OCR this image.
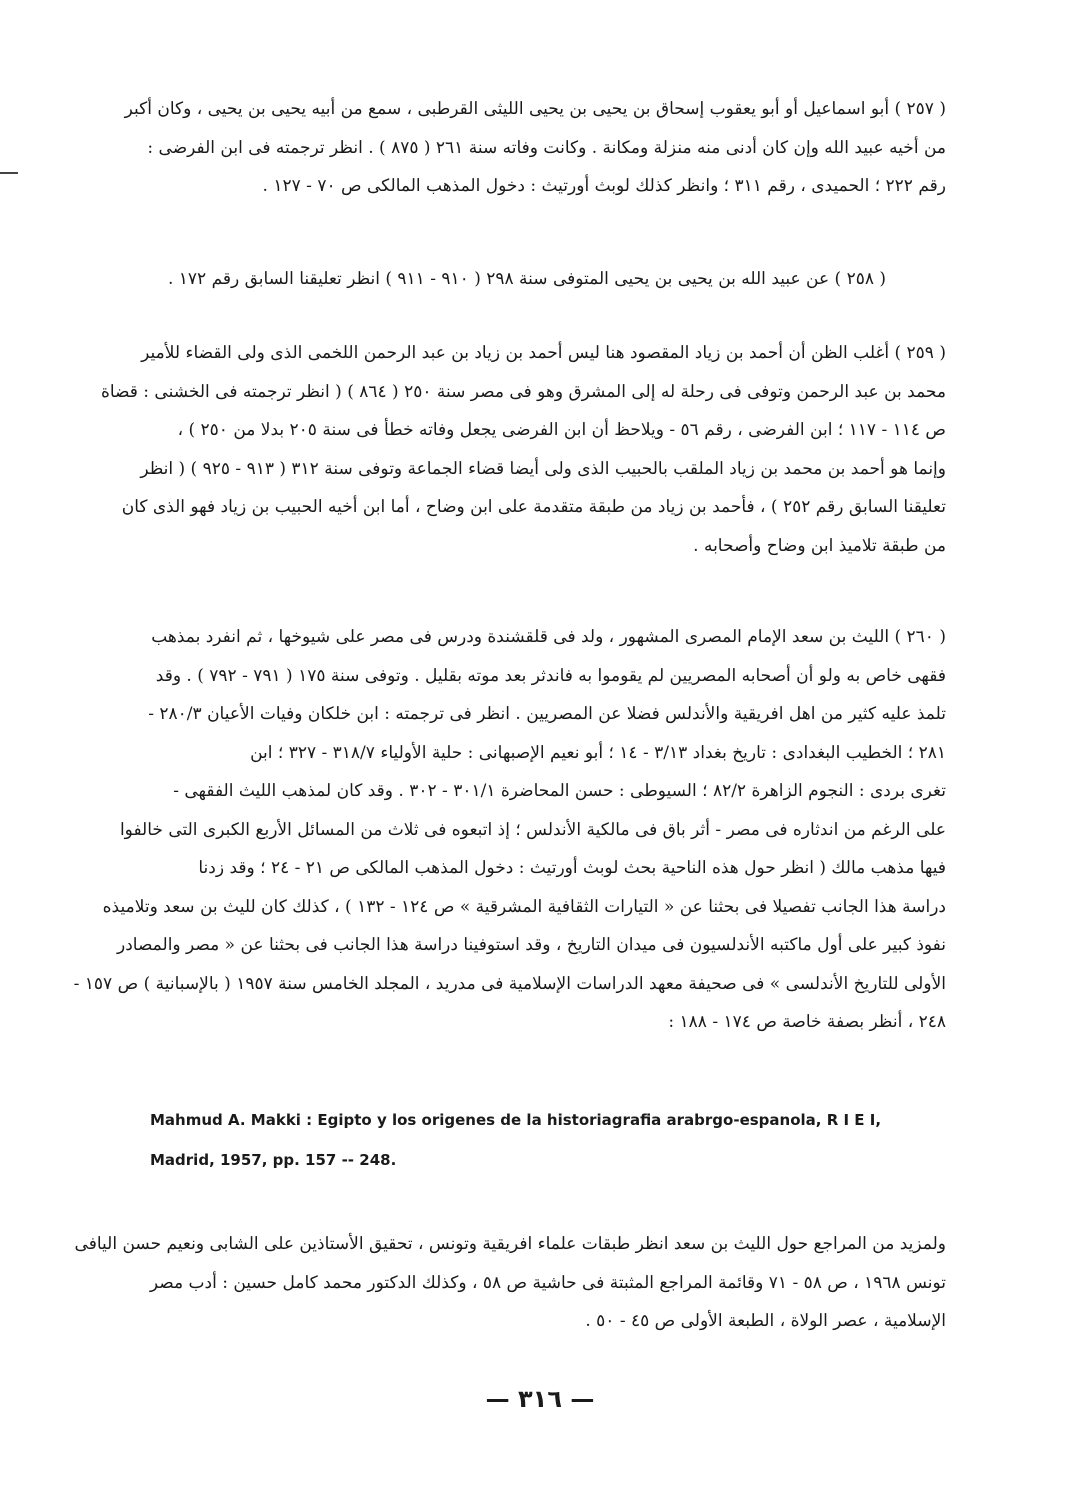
( ٢٥٧ ) أبو اسماعيل أو أبو يعقوب إسحاق بن يحيى بن يحيى الليثى القرطبى ، سمع من أبيه يحيى بن يحيى ، وكان أكبر
من أخيه عبيد الله وإن كان أدنى منه منزلة ومكانة . وكانت وفاته سنة ٢٦١ ( ٨٧٥ ) . انظر ترجمته فى ابن الفرضى :
رقم ٢٢٢ ؛ الحميدى ، رقم ٣١١ ؛ وانظر كذلك لوبث أورتيث : دخول المذهب المالكى ص ٧٠ - ١٢٧ .
( ٢٥٨ ) عن عبيد الله بن يحيى بن يحيى المتوفى سنة ٢٩٨ ( ٩١٠ - ٩١١ ) انظر تعليقنا السابق رقم ١٧٢ .
( ٢٥٩ ) أغلب الظن أن أحمد بن زياد المقصود هنا ليس أحمد بن زياد بن عبد الرحمن اللخمى الذى ولى القضاء للأمير
محمد بن عبد الرحمن وتوفى فى رحلة له إلى المشرق وهو فى مصر سنة ٢٥٠ ( ٨٦٤ ) ( انظر ترجمته فى الخشنى : قضاة
ص ١١٤ - ١١٧ ؛ ابن الفرضى ، رقم ٥٦ - ويلاحظ أن ابن الفرضى يجعل وفاته خطأ فى سنة ٢٠٥ بدلا من ٢٥٠ ) ،
وإنما هو أحمد بن محمد بن زياد الملقب بالحبيب الذى ولى أيضا قضاء الجماعة وتوفى سنة ٣١٢ ( ٩١٣ - ٩٢٥ ) ( انظر
تعليقنا السابق رقم ٢٥٢ ) ، فأحمد بن زياد من طبقة متقدمة على ابن وضاح ، أما ابن أخيه الحبيب بن زياد فهو الذى كان
من طبقة تلاميذ ابن وضاح وأصحابه .
( ٢٦٠ ) الليث بن سعد الإمام المصرى المشهور ، ولد فى قلقشندة ودرس فى مصر على شيوخها ، ثم انفرد بمذهب
فقهى خاص به ولو أن أصحابه المصريين لم يقوموا به فاندثر بعد موته بقليل . وتوفى سنة ١٧٥ ( ٧٩١ - ٧٩٢ ) . وقد
تلمذ عليه كثير من اهل افريقية والأندلس فضلا عن المصريين . انظر فى ترجمته : ابن خلكان وفيات الأعيان ٢٨٠/٣ -
٢٨١ ؛ الخطيب البغدادى : تاريخ بغداد ٣/١٣ - ١٤ ؛ أبو نعيم الإصبهانى : حلية الأولياء ٣١٨/٧ - ٣٢٧ ؛ ابن
تغرى بردى : النجوم الزاهرة ٨٢/٢ ؛ السيوطى : حسن المحاضرة ٣٠١/١ - ٣٠٢ . وقد كان لمذهب الليث الفقهى -
على الرغم من اندثاره فى مصر - أثر باق فى مالكية الأندلس ؛ إذ اتبعوه فى ثلاث من المسائل الأربع الكبرى التى خالفوا
فيها مذهب مالك ( انظر حول هذه الناحية بحث لوبث أورتيث : دخول المذهب المالكى ص ٢١ - ٢٤ ؛ وقد زدنا
دراسة هذا الجانب تفصيلا فى بحثنا عن « التيارات الثقافية المشرقية » ص ١٢٤ - ١٣٢ ) ، كذلك كان لليث بن سعد وتلاميذه
نفوذ كبير على أول ماكتبه الأندلسيون فى ميدان التاريخ ، وقد استوفينا دراسة هذا الجانب فى بحثنا عن « مصر والمصادر
الأولى للتاريخ الأندلسى » فى صحيفة معهد الدراسات الإسلامية فى مدريد ، المجلد الخامس سنة ١٩٥٧ ( بالإسبانية ) ص ١٥٧ -
٢٤٨ ، أنظر بصفة خاصة ص ١٧٤ - ١٨٨ :
Mahmud A. Makki : Egipto y los origenes de la historiagrafia arabrgo-espanola, R I E I,
Madrid, 1957, pp. 157 -- 248.
ولمزيد من المراجع حول الليث بن سعد انظر طبقات علماء افريقية وتونس ، تحقيق الأستاذين على الشابى ونعيم حسن اليافى
تونس ١٩٦٨ ، ص ٥٨ - ٧١ وقائمة المراجع المثبتة فى حاشية ص ٥٨ ، وكذلك الدكتور محمد كامل حسين : أدب مصر
الإسلامية ، عصر الولاة ، الطبعة الأولى ص ٤٥ - ٥٠ .
— ٣١٦ —
